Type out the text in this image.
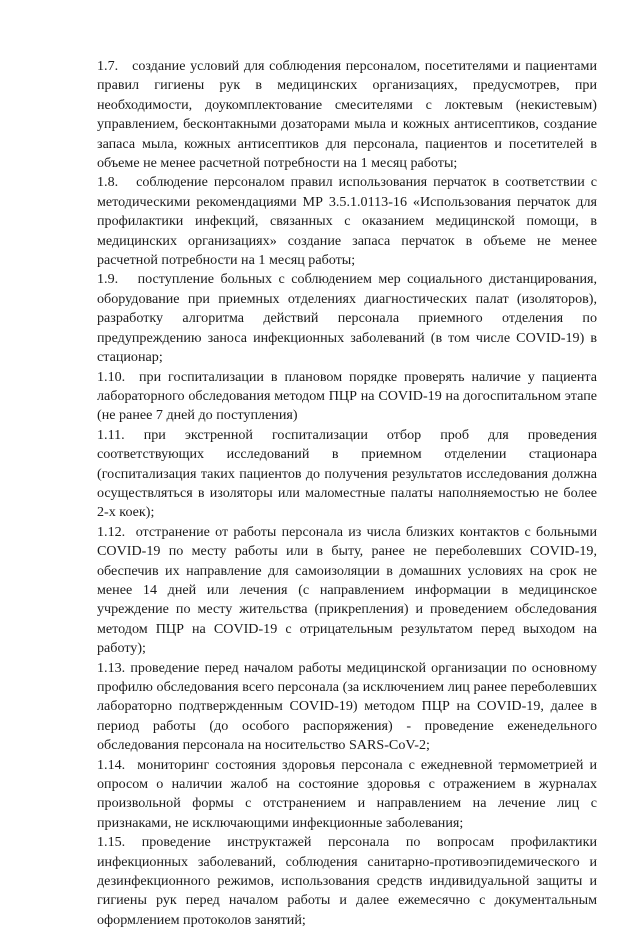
1.7. создание условий для соблюдения персоналом, посетителями и пациентами правил гигиены рук в медицинских организациях, предусмотрев, при необходимости, доукомплектование смесителями с локтевым (некистевым) управлением, бесконтакными дозаторами мыла и кожных антисептиков, создание запаса мыла, кожных антисептиков для персонала, пациентов и посетителей в объеме не менее расчетной потребности на 1 месяц работы;

1.8. соблюдение персоналом правил использования перчаток в соответствии с методическими рекомендациями МР 3.5.1.0113-16 «Использования перчаток для профилактики инфекций, связанных с оказанием медицинской помощи, в медицинских организациях» создание запаса перчаток в объеме не менее расчетной потребности на 1 месяц работы;

1.9. поступление больных с соблюдением мер социального дистанцирования, оборудование при приемных отделениях диагностических палат (изоляторов), разработку алгоритма действий персонала приемного отделения по предупреждению заноса инфекционных заболеваний (в том числе COVID-19) в стационар;

1.10. при госпитализации в плановом порядке проверять наличие у пациента лабораторного обследования методом ПЦР на COVID-19 на догоспитальном этапе (не ранее 7 дней до поступления)

1.11. при экстренной госпитализации отбор проб для проведения соответствующих исследований в приемном отделении стационара (госпитализация таких пациентов до получения результатов исследования должна осуществляться в изоляторы или маломестные палаты наполняемостью не более 2-х коек);

1.12. отстранение от работы персонала из числа близких контактов с больными COVID-19 по месту работы или в быту, ранее не переболевших COVID-19, обеспечив их направление для самоизоляции в домашних условиях на срок не менее 14 дней или лечения (с направлением информации в медицинское учреждение по месту жительства (прикрепления) и проведением обследования методом ПЦР на COVID-19 с отрицательным результатом перед выходом на работу);

1.13. проведение перед началом работы медицинской организации по основному профилю обследования всего персонала (за исключением лиц ранее переболевших лабораторно подтвержденным COVID-19) методом ПЦР на COVID-19, далее в период работы (до особого распоряжения) - проведение еженедельного обследования персонала на носительство SARS-CoV-2;

1.14. мониторинг состояния здоровья персонала с ежедневной термометрией и опросом о наличии жалоб на состояние здоровья с отражением в журналах произвольной формы с отстранением и направлением на лечение лиц с признаками, не исключающими инфекционные заболевания;

1.15. проведение инструктажей персонала по вопросам профилактики инфекционных заболеваний, соблюдения санитарно-противоэпидемического и дезинфекционного режимов, использования средств индивидуальной защиты и гигиены рук перед началом работы и далее ежемесячно с документальным оформлением протоколов занятий;
